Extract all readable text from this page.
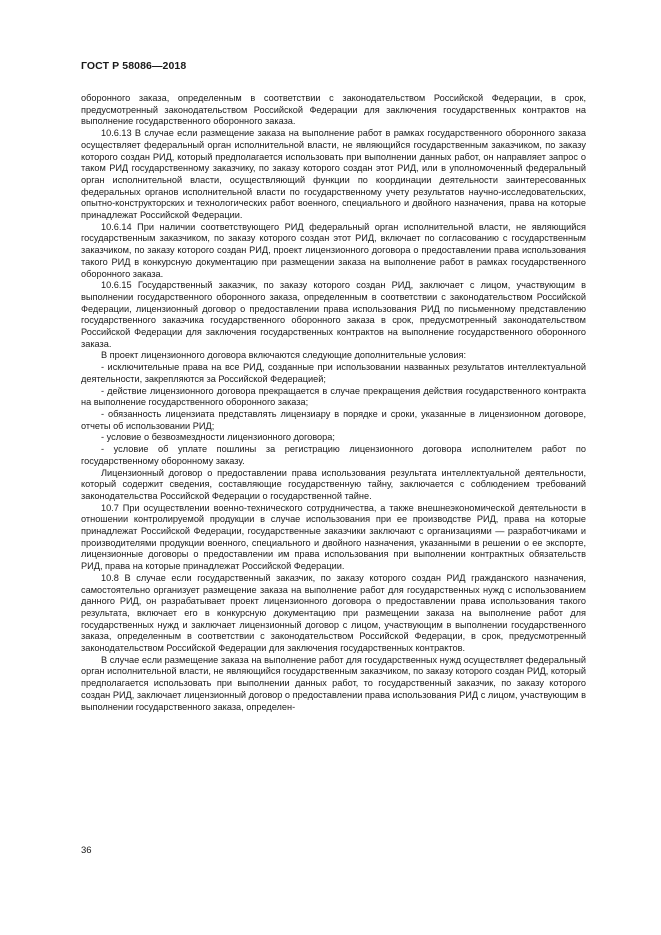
ГОСТ Р 58086—2018

оборонного заказа, определенным в соответствии с законодательством Российской Федерации, в срок, предусмотренный законодательством Российской Федерации для заключения государственных контрактов на выполнение государственного оборонного заказа.

10.6.13 В случае если размещение заказа на выполнение работ в рамках государственного оборонного заказа осуществляет федеральный орган исполнительной власти, не являющийся государственным заказчиком, по заказу которого создан РИД, который предполагается использовать при выполнении данных работ, он направляет запрос о таком РИД государственному заказчику, по заказу которого создан этот РИД, или в уполномоченный федеральный орган исполнительной власти, осуществляющий функции по координации деятельности заинтересованных федеральных органов исполнительной власти по государственному учету результатов научно-исследовательских, опытно-конструкторских и технологических работ военного, специального и двойного назначения, права на которые принадлежат Российской Федерации.

10.6.14 При наличии соответствующего РИД федеральный орган исполнительной власти, не являющийся государственным заказчиком, по заказу которого создан этот РИД, включает по согласованию с государственным заказчиком, по заказу которого создан РИД, проект лицензионного договора о предоставлении права использования такого РИД в конкурсную документацию при размещении заказа на выполнение работ в рамках государственного оборонного заказа.

10.6.15 Государственный заказчик, по заказу которого создан РИД, заключает с лицом, участвующим в выполнении государственного оборонного заказа, определенным в соответствии с законодательством Российской Федерации, лицензионный договор о предоставлении права использования РИД по письменному представлению государственного заказчика государственного оборонного заказа в срок, предусмотренный законодательством Российской Федерации для заключения государственных контрактов на выполнение государственного оборонного заказа.

В проект лицензионного договора включаются следующие дополнительные условия:

- исключительные права на все РИД, созданные при использовании названных результатов интеллектуальной деятельности, закрепляются за Российской Федерацией;

- действие лицензионного договора прекращается в случае прекращения действия государственного контракта на выполнение государственного оборонного заказа;

- обязанность лицензиата представлять лицензиару в порядке и сроки, указанные в лицензионном договоре, отчеты об использовании РИД;

- условие о безвозмездности лицензионного договора;

- условие об уплате пошлины за регистрацию лицензионного договора исполнителем работ по государственному оборонному заказу.

Лицензионный договор о предоставлении права использования результата интеллектуальной деятельности, который содержит сведения, составляющие государственную тайну, заключается с соблюдением требований законодательства Российской Федерации о государственной тайне.

10.7 При осуществлении военно-технического сотрудничества, а также внешнеэкономической деятельности в отношении контролируемой продукции в случае использования при ее производстве РИД, права на которые принадлежат Российской Федерации, государственные заказчики заключают с организациями — разработчиками и производителями продукции военного, специального и двойного назначения, указанными в решении о ее экспорте, лицензионные договоры о предоставлении им права использования при выполнении контрактных обязательств РИД, права на которые принадлежат Российской Федерации.

10.8 В случае если государственный заказчик, по заказу которого создан РИД гражданского назначения, самостоятельно организует размещение заказа на выполнение работ для государственных нужд с использованием данного РИД, он разрабатывает проект лицензионного договора о предоставлении права использования такого результата, включает его в конкурсную документацию при размещении заказа на выполнение работ для государственных нужд и заключает лицензионный договор с лицом, участвующим в выполнении государственного заказа, определенным в соответствии с законодательством Российской Федерации, в срок, предусмотренный законодательством Российской Федерации для заключения государственных контрактов.

В случае если размещение заказа на выполнение работ для государственных нужд осуществляет федеральный орган исполнительной власти, не являющийся государственным заказчиком, по заказу которого создан РИД, который предполагается использовать при выполнении данных работ, то государственный заказчик, по заказу которого создан РИД, заключает лицензионный договор о предоставлении права использования РИД с лицом, участвующим в выполнении государственного заказа, определен-

36
